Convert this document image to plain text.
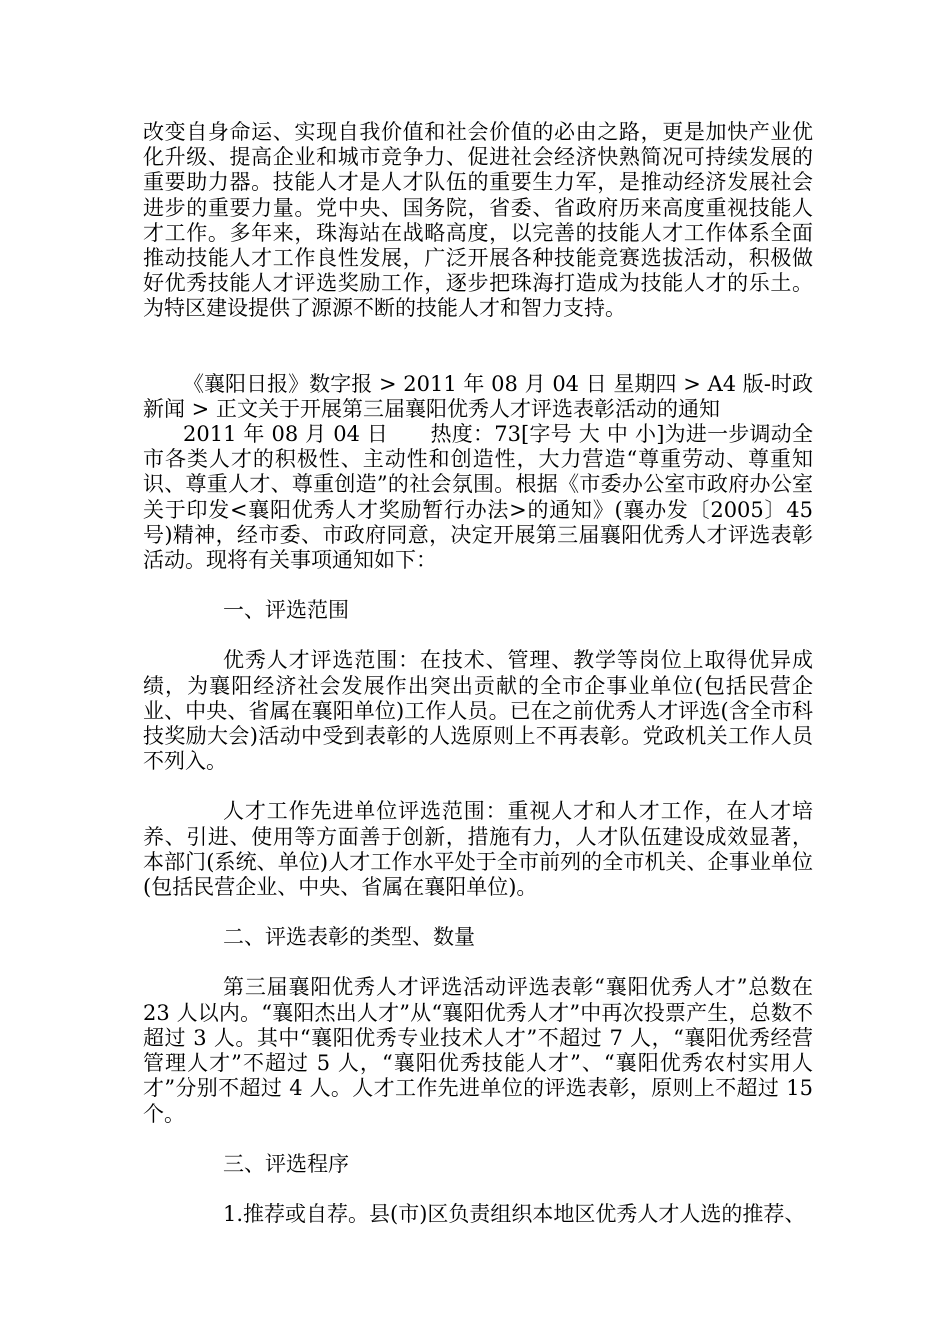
改变自身命运、实现自我价值和社会价值的必由之路，更是加快产业优化升级、提高企业和城市竞争力、促进社会经济快熟简况可持续发展的重要助力器。技能人才是人才队伍的重要生力军，是推动经济发展社会进步的重要力量。党中央、国务院，省委、省政府历来高度重视技能人才工作。多年来，珠海站在战略高度，以完善的技能人才工作体系全面推动技能人才工作良性发展，广泛开展各种技能竞赛选拔活动，积极做好优秀技能人才评选奖励工作，逐步把珠海打造成为技能人才的乐土。为特区建设提供了源源不断的技能人才和智力支持。

《襄阳日报》数字报 > 2011 年 08 月 04 日 星期四 > A4 版-时政新闻 > 正文关于开展第三届襄阳优秀人才评选表彰活动的通知

2011 年 08 月 04 日　　热度：73[字号 大 中 小]为进一步调动全市各类人才的积极性、主动性和创造性，大力营造“尊重劳动、尊重知识、尊重人才、尊重创造”的社会氛围。根据《市委办公室市政府办公室关于印发<襄阳优秀人才奖励暂行办法>的通知》(襄办发〔2005〕45号)精神，经市委、市政府同意，决定开展第三届襄阳优秀人才评选表彰活动。现将有关事项通知如下：

一、评选范围

优秀人才评选范围：在技术、管理、教学等岗位上取得优异成绩，为襄阳经济社会发展作出突出贡献的全市企事业单位(包括民营企业、中央、省属在襄阳单位)工作人员。已在之前优秀人才评选(含全市科技奖励大会)活动中受到表彰的人选原则上不再表彰。党政机关工作人员不列入。

人才工作先进单位评选范围：重视人才和人才工作，在人才培养、引进、使用等方面善于创新，措施有力，人才队伍建设成效显著，本部门(系统、单位)人才工作水平处于全市前列的全市机关、企事业单位(包括民营企业、中央、省属在襄阳单位)。

二、评选表彰的类型、数量

第三届襄阳优秀人才评选活动评选表彰“襄阳优秀人才”总数在 23 人以内。“襄阳杰出人才”从“襄阳优秀人才”中再次投票产生，总数不超过 3 人。其中“襄阳优秀专业技术人才”不超过 7 人，“襄阳优秀经营管理人才”不超过 5 人，“襄阳优秀技能人才”、“襄阳优秀农村实用人才”分别不超过 4 人。人才工作先进单位的评选表彰，原则上不超过 15 个。

三、评选程序

1.推荐或自荐。县(市)区负责组织本地区优秀人才人选的推荐、
